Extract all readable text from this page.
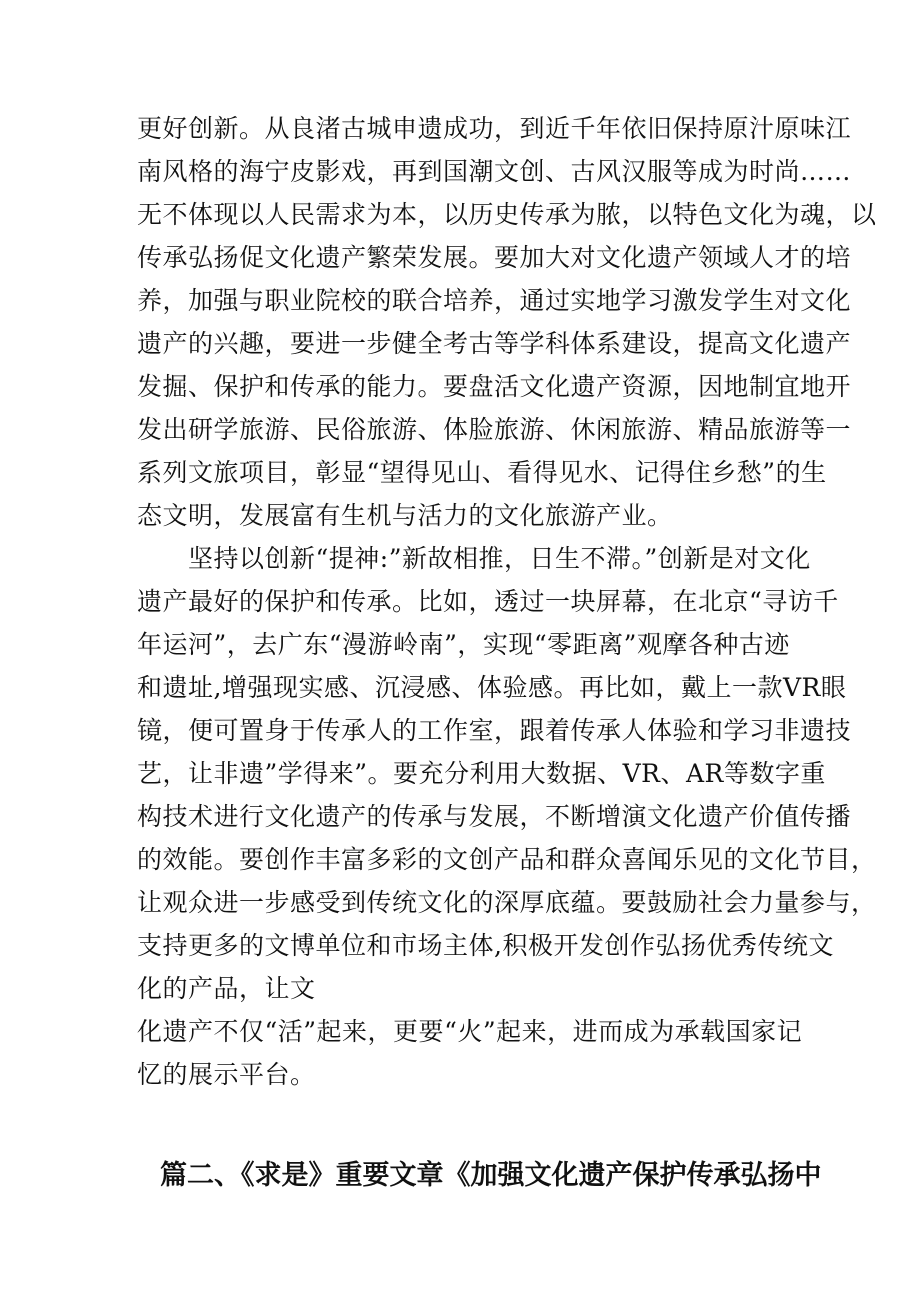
更好创新。从良渚古城申遗成功，到近千年依旧保持原汁原味江
南风格的海宁皮影戏，再到国潮文创、古风汉服等成为时尚……
无不体现以人民需求为本，以历史传承为脓，以特色文化为魂，以
传承弘扬促文化遗产繁荣发展。要加大对文化遗产领域人才的培
养，加强与职业院校的联合培养，通过实地学习激发学生对文化
遗产的兴趣，要进一步健全考古等学科体系建设，提高文化遗产
发掘、保护和传承的能力。要盘活文化遗产资源，因地制宜地开
发出研学旅游、民俗旅游、体脸旅游、休闲旅游、精品旅游等一
系列文旅项目，彰显“望得见山、看得见水、记得住乡愁”的生
态文明，发展富有生机与活力的文化旅游产业。
坚持以创新“提神:”新故相推，日生不滞。”创新是对文化
遗产最好的保护和传承。比如，透过一块屏幕，在北京“寻访千
年运河”，去广东“漫游岭南”，实现“零距离”观摩各种古迹
和遗址,增强现实感、沉浸感、体验感。再比如，戴上一款VR眼
镜，便可置身于传承人的工作室，跟着传承人体验和学习非遗技
艺，让非遗”学得来”。要充分利用大数据、VR、AR等数字重
构技术进行文化遗产的传承与发展，不断增演文化遗产价值传播
的效能。要创作丰富多彩的文创产品和群众喜闻乐见的文化节目，
让观众进一步感受到传统文化的深厚底蕴。要鼓励社会力量参与，
支持更多的文博单位和市场主体,积极开发创作弘扬优秀传统文
化的产品，让文
化遗产不仅“活”起来，更要“火”起来，进而成为承载国家记
忆的展示平台。
篇二、《求是》重要文章《加强文化遗产保护传承弘扬中
